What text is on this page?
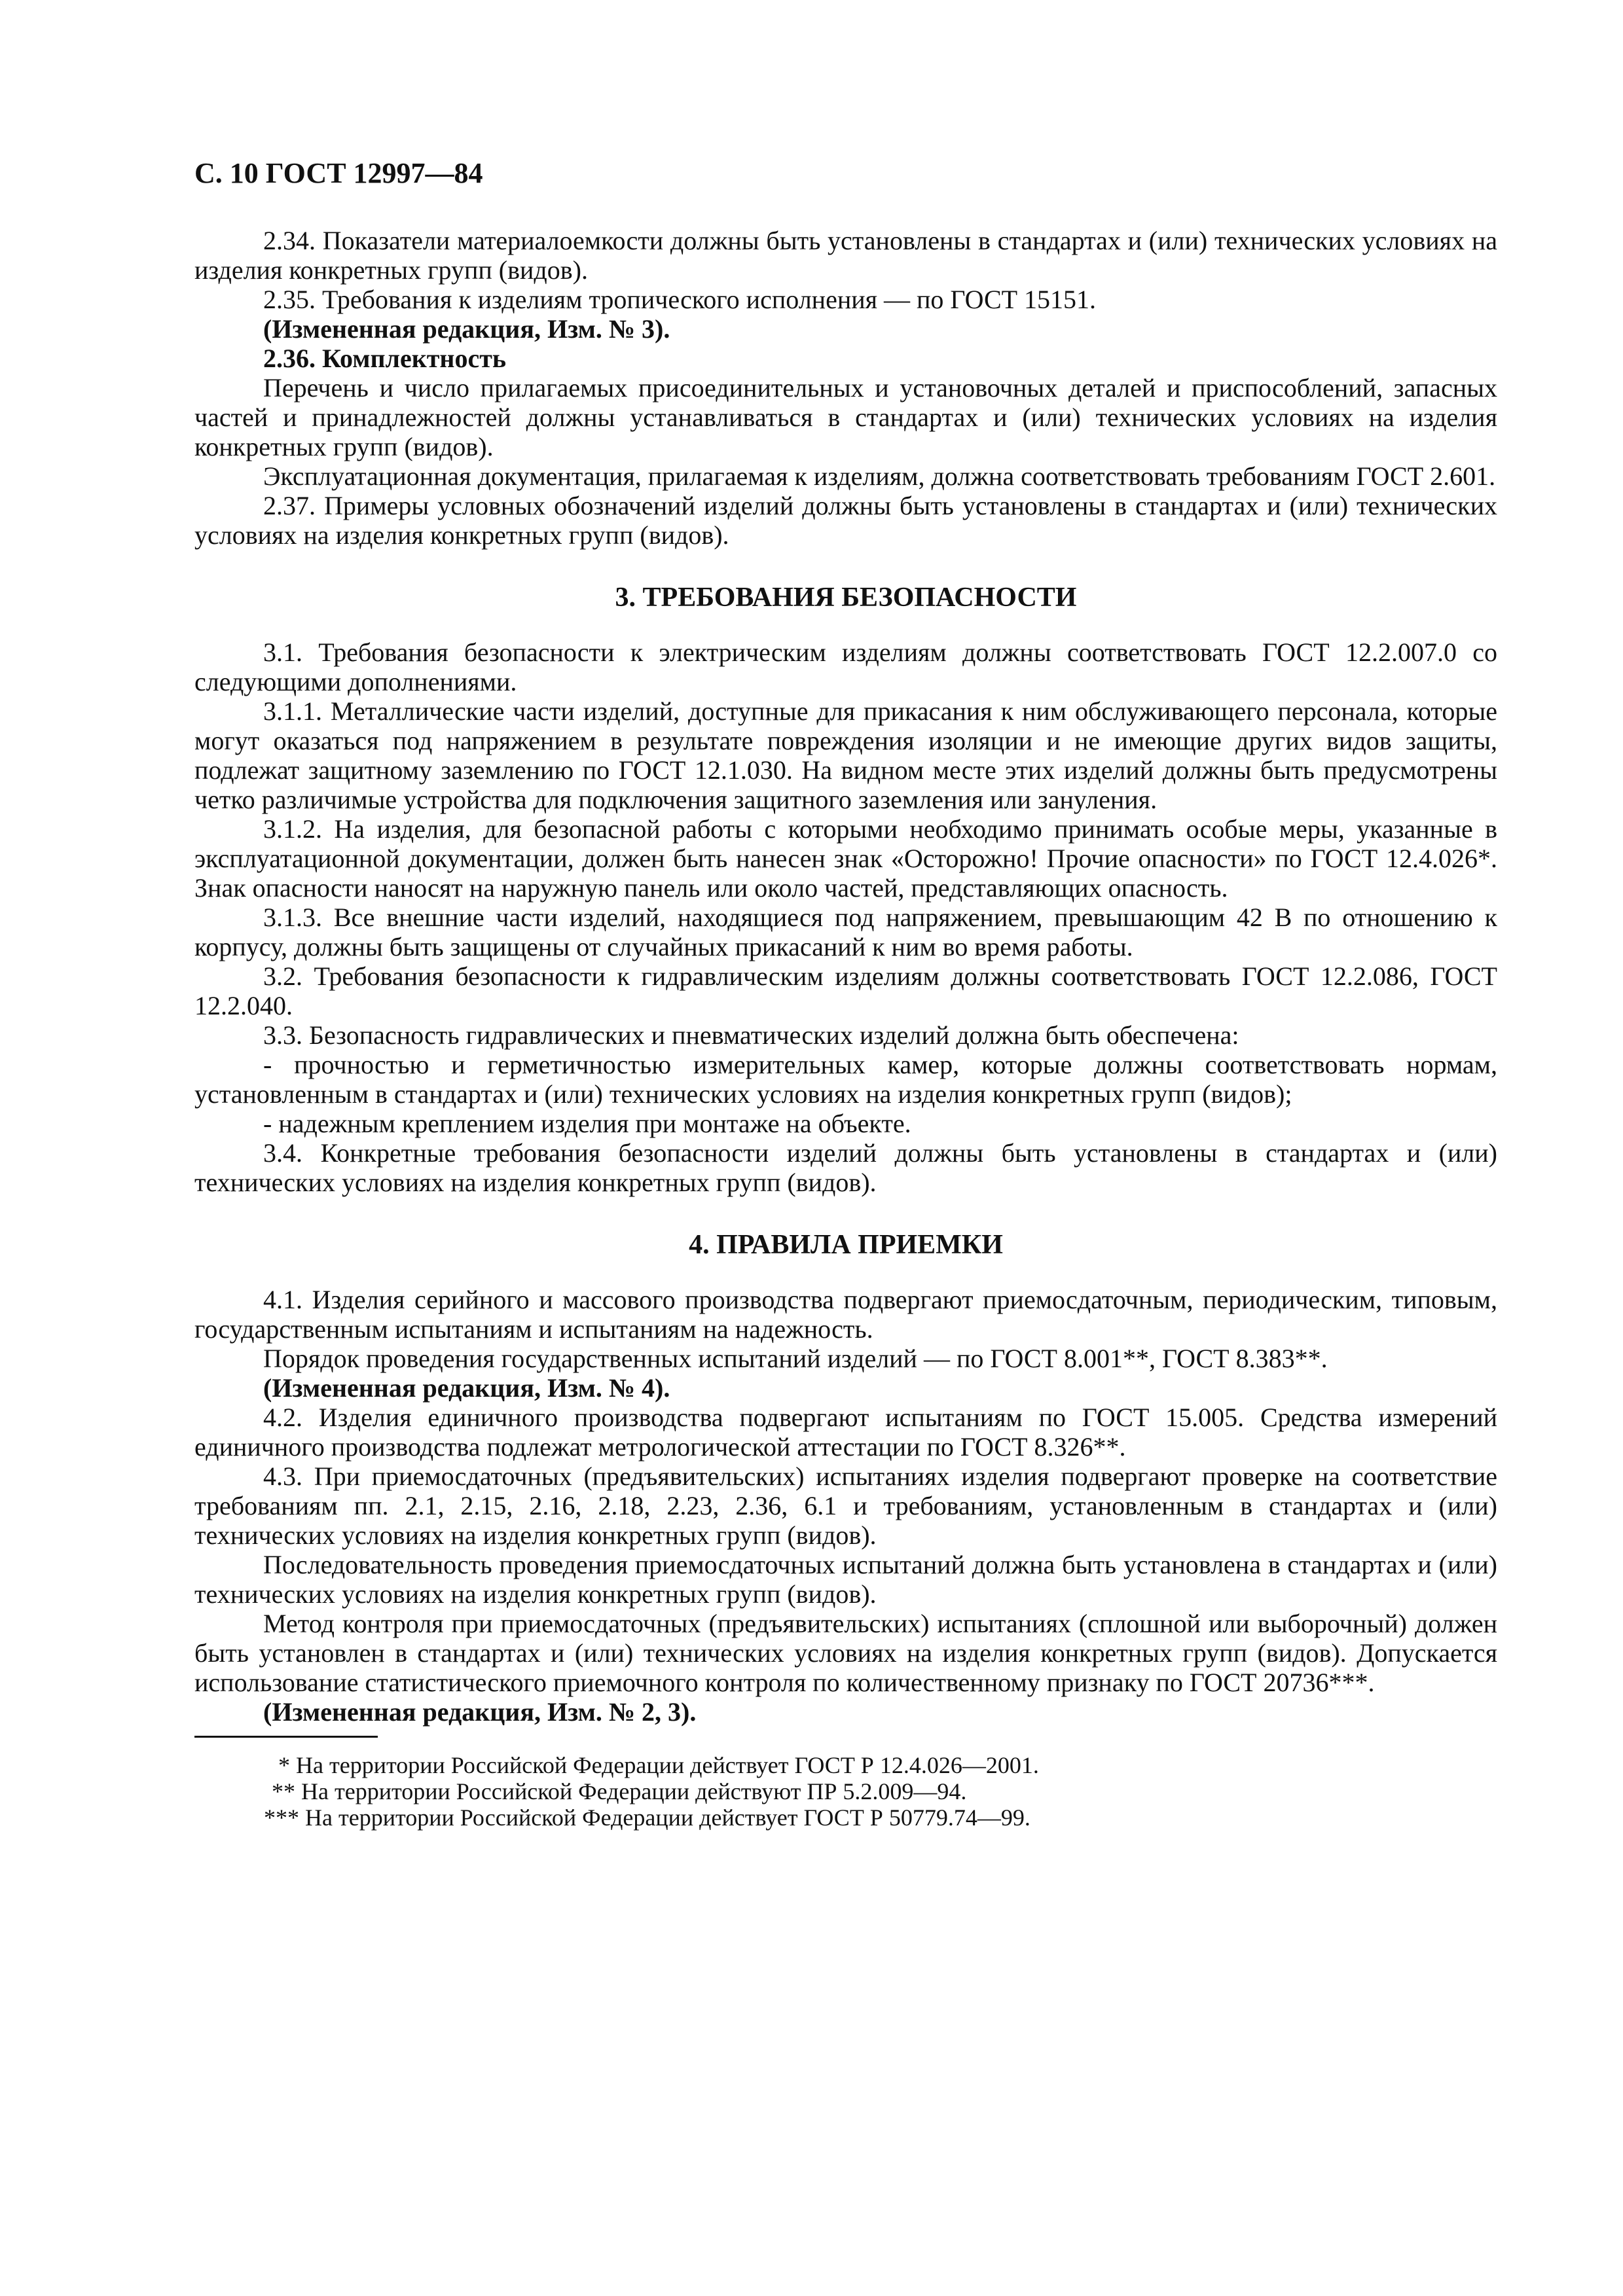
С. 10 ГОСТ 12997—84

2.34. Показатели материалоемкости должны быть установлены в стандартах и (или) технических условиях на изделия конкретных групп (видов).

2.35. Требования к изделиям тропического исполнения — по ГОСТ 15151.

(Измененная редакция, Изм. № 3).

2.36. Комплектность

Перечень и число прилагаемых присоединительных и установочных деталей и приспособлений, запасных частей и принадлежностей должны устанавливаться в стандартах и (или) технических условиях на изделия конкретных групп (видов).

Эксплуатационная документация, прилагаемая к изделиям, должна соответствовать требованиям ГОСТ 2.601.

2.37. Примеры условных обозначений изделий должны быть установлены в стандартах и (или) технических условиях на изделия конкретных групп (видов).

3. ТРЕБОВАНИЯ БЕЗОПАСНОСТИ

3.1. Требования безопасности к электрическим изделиям должны соответствовать ГОСТ 12.2.007.0 со следующими дополнениями.

3.1.1. Металлические части изделий, доступные для прикасания к ним обслуживающего персонала, которые могут оказаться под напряжением в результате повреждения изоляции и не имеющие других видов защиты, подлежат защитному заземлению по ГОСТ 12.1.030. На видном месте этих изделий должны быть предусмотрены четко различимые устройства для подключения защитного заземления или зануления.

3.1.2. На изделия, для безопасной работы с которыми необходимо принимать особые меры, указанные в эксплуатационной документации, должен быть нанесен знак «Осторожно! Прочие опасности» по ГОСТ 12.4.026*. Знак опасности наносят на наружную панель или около частей, представляющих опасность.

3.1.3. Все внешние части изделий, находящиеся под напряжением, превышающим 42 В по отношению к корпусу, должны быть защищены от случайных прикасаний к ним во время работы.

3.2. Требования безопасности к гидравлическим изделиям должны соответствовать ГОСТ 12.2.086, ГОСТ 12.2.040.

3.3. Безопасность гидравлических и пневматических изделий должна быть обеспечена:

- прочностью и герметичностью измерительных камер, которые должны соответствовать нормам, установленным в стандартах и (или) технических условиях на изделия конкретных групп (видов);

- надежным креплением изделия при монтаже на объекте.

3.4. Конкретные требования безопасности изделий должны быть установлены в стандартах и (или) технических условиях на изделия конкретных групп (видов).

4. ПРАВИЛА ПРИЕМКИ

4.1. Изделия серийного и массового производства подвергают приемосдаточным, периодическим, типовым, государственным испытаниям и испытаниям на надежность.

Порядок проведения государственных испытаний изделий — по ГОСТ 8.001**, ГОСТ 8.383**.

(Измененная редакция, Изм. № 4).

4.2. Изделия единичного производства подвергают испытаниям по ГОСТ 15.005. Средства измерений единичного производства подлежат метрологической аттестации по ГОСТ 8.326**.

4.3. При приемосдаточных (предъявительских) испытаниях изделия подвергают проверке на соответствие требованиям пп. 2.1, 2.15, 2.16, 2.18, 2.23, 2.36, 6.1 и требованиям, установленным в стандартах и (или) технических условиях на изделия конкретных групп (видов).

Последовательность проведения приемосдаточных испытаний должна быть установлена в стандартах и (или) технических условиях на изделия конкретных групп (видов).

Метод контроля при приемосдаточных (предъявительских) испытаниях (сплошной или выборочный) должен быть установлен в стандартах и (или) технических условиях на изделия конкретных групп (видов). Допускается использование статистического приемочного контроля по количественному признаку по ГОСТ 20736***.

(Измененная редакция, Изм. № 2, 3).

* На территории Российской Федерации действует ГОСТ Р 12.4.026—2001.

** На территории Российской Федерации действуют ПР 5.2.009—94.

*** На территории Российской Федерации действует ГОСТ Р 50779.74—99.
